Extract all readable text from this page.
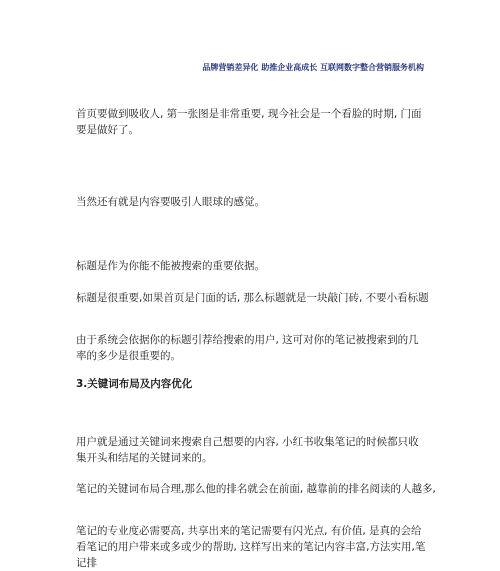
品牌营销差异化 助推企业高成长 互联网数字整合营销服务机构

首页要做到吸收人, 第一张图是非常重要, 现今社会是一个看脸的时期, 门面要是做好了。

当然还有就是内容要吸引人眼球的感觉。

标题是作为你能不能被搜索的重要依据。

标题是很重要,如果首页是门面的话, 那么标题就是一块敲门砖, 不要小看标题

由于系统会依据你的标题引荐给搜索的用户, 这可对你的笔记被搜索到的几率的多少是很重要的。

3.关键词布局及内容优化

用户就是通过关键词来搜索自己想要的内容, 小红书收集笔记的时候都只收集开头和结尾的关键词来的。

笔记的关键词布局合理,那么他的排名就会在前面, 越靠前的排名阅读的人越多,

笔记的专业度必需要高, 共享出来的笔记需要有闪光点, 有价值, 是真的会给看笔记的用户带来或多或少的帮助, 这样写出来的笔记内容丰富,方法实用,笔记排
